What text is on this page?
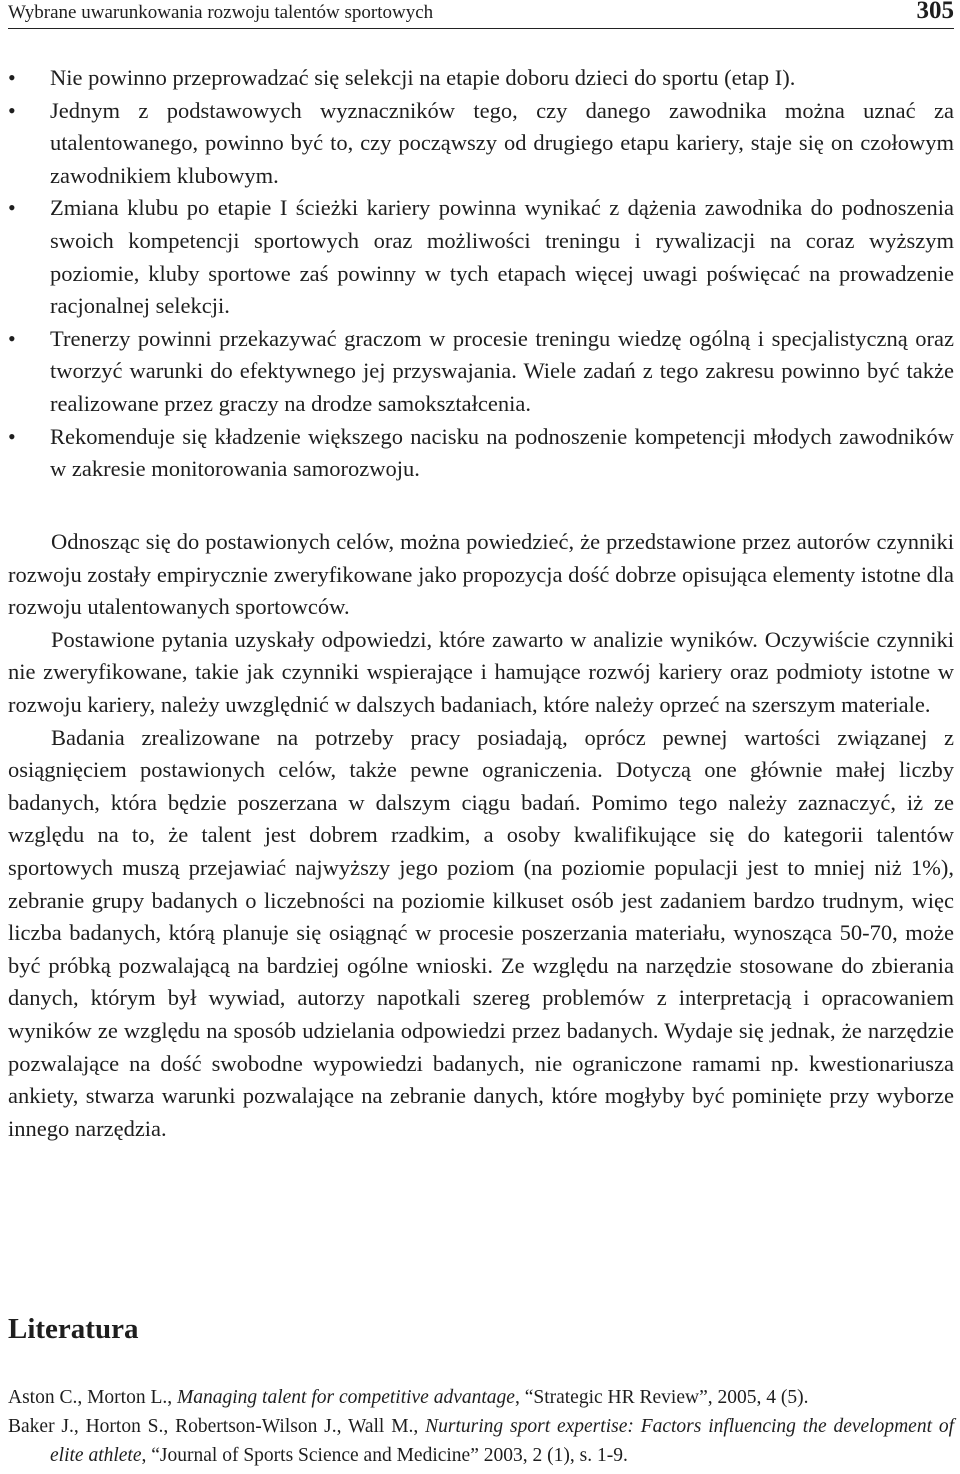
Wybrane uwarunkowania rozwoju talentów sportowych	305
• Nie powinno przeprowadzać się selekcji na etapie doboru dzieci do sportu (etap I).

• Jednym z podstawowych wyznaczników tego, czy danego zawodnika można uznać za utalentowanego, powinno być to, czy począwszy od drugiego etapu kariery, staje się on czołowym zawodnikiem klubowym.

• Zmiana klubu po etapie I ścieżki kariery powinna wynikać z dążenia zawodnika do podnoszenia swoich kompetencji sportowych oraz możliwości treningu i rywalizacji na coraz wyższym poziomie, kluby sportowe zaś powinny w tych etapach więcej uwagi poświęcać na prowadzenie racjonalnej selekcji.

• Trenerzy powinni przekazywać graczom w procesie treningu wiedzę ogólną i specjalistyczną oraz tworzyć warunki do efektywnego jej przyswajania. Wiele zadań z tego zakresu powinno być także realizowane przez graczy na drodze samokształcenia.

• Rekomenduje się kładzenie większego nacisku na podnoszenie kompetencji młodych zawodników w zakresie monitorowania samorozwoju.

Odnosząc się do postawionych celów, można powiedzieć, że przedstawione przez autorów czynniki rozwoju zostały empirycznie zweryfikowane jako propozycja dość dobrze opisująca elementy istotne dla rozwoju utalentowanych sportowców.

Postawione pytania uzyskały odpowiedzi, które zawarto w analizie wyników. Oczywiście czynniki nie zweryfikowane, takie jak czynniki wspierające i hamujące rozwój kariery oraz podmioty istotne w rozwoju kariery, należy uwzględnić w dalszych badaniach, które należy oprzeć na szerszym materiale.

Badania zrealizowane na potrzeby pracy posiadają, oprócz pewnej wartości związanej z osiągnięciem postawionych celów, także pewne ograniczenia. Dotyczą one głównie małej liczby badanych, która będzie poszerzana w dalszym ciągu badań. Pomimo tego należy zaznaczyć, iż ze względu na to, że talent jest dobrem rzadkim, a osoby kwalifikujące się do kategorii talentów sportowych muszą przejawiać najwyższy jego poziom (na poziomie populacji jest to mniej niż 1%), zebranie grupy badanych o liczebności na poziomie kilkuset osób jest zadaniem bardzo trudnym, więc liczba badanych, którą planuje się osiągnąć w procesie poszerzania materiału, wynosząca 50-70, może być próbką pozwalającą na bardziej ogólne wnioski. Ze względu na narzędzie stosowane do zbierania danych, którym był wywiad, autorzy napotkali szereg problemów z interpretacją i opracowaniem wyników ze względu na sposób udzielania odpowiedzi przez badanych. Wydaje się jednak, że narzędzie pozwalające na dość swobodne wypowiedzi badanych, nie ograniczone ramami np. kwestionariusza ankiety, stwarza warunki pozwalające na zebranie danych, które mogłyby być pominięte przy wyborze innego narzędzia.

Literatura
Aston C., Morton L., Managing talent for competitive advantage, “Strategic HR Review”, 2005, 4 (5).
Baker J., Horton S., Robertson-Wilson J., Wall M., Nurturing sport expertise: Factors influencing the development of elite athlete, “Journal of Sports Science and Medicine” 2003, 2 (1), s. 1-9.
